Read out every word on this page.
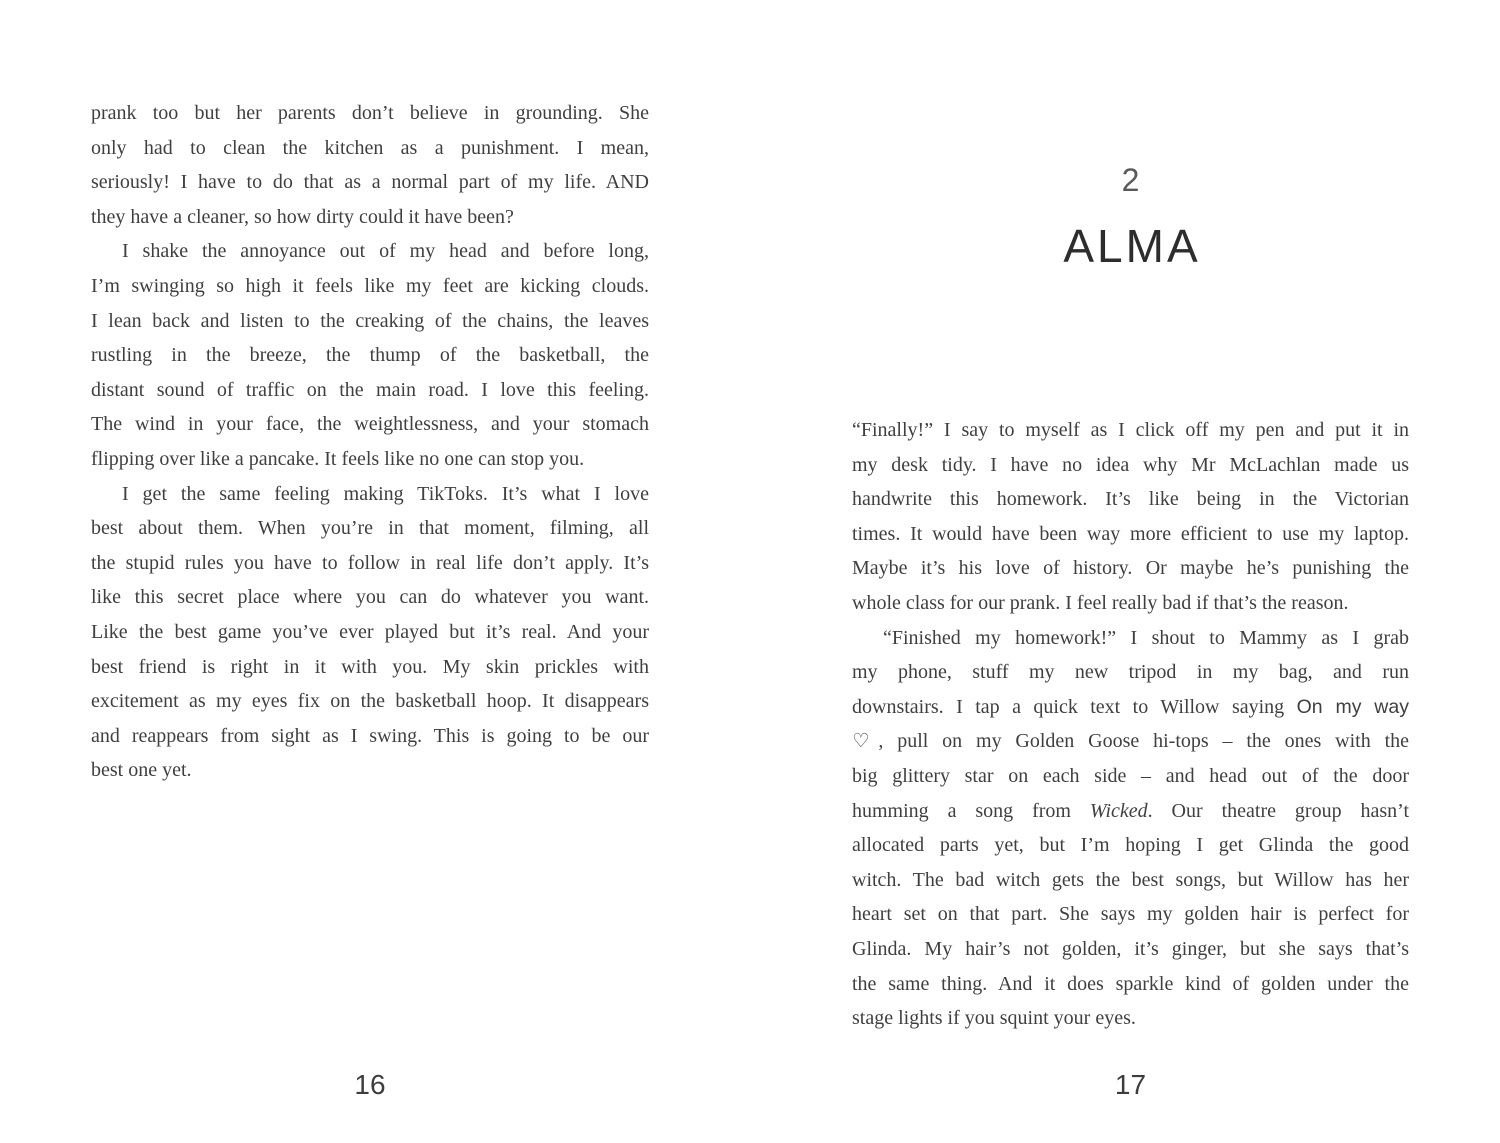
prank too but her parents don’t believe in grounding. She
only had to clean the kitchen as a punishment. I mean,
seriously! I have to do that as a normal part of my life. AND
they have a cleaner, so how dirty could it have been?
I shake the annoyance out of my head and before long,
I’m swinging so high it feels like my feet are kicking clouds.
I lean back and listen to the creaking of the chains, the leaves
rustling in the breeze, the thump of the basketball, the
distant sound of traffic on the main road. I love this feeling.
The wind in your face, the weightlessness, and your stomach
flipping over like a pancake. It feels like no one can stop you.
I get the same feeling making TikToks. It’s what I love
best about them. When you’re in that moment, filming, all
the stupid rules you have to follow in real life don’t apply. It’s
like this secret place where you can do whatever you want.
Like the best game you’ve ever played but it’s real. And your
best friend is right in it with you. My skin prickles with
excitement as my eyes fix on the basketball hoop. It disappears
and reappears from sight as I swing. This is going to be our
best one yet.
16
2
ALMA
“Finally!” I say to myself as I click off my pen and put it in
my desk tidy. I have no idea why Mr McLachlan made us
handwrite this homework. It’s like being in the Victorian
times. It would have been way more efficient to use my laptop.
Maybe it’s his love of history. Or maybe he’s punishing the
whole class for our prank. I feel really bad if that’s the reason.
“Finished my homework!” I shout to Mammy as I grab
my phone, stuff my new tripod in my bag, and run
downstairs. I tap a quick text to Willow saying On my way
♡, pull on my Golden Goose hi-tops – the ones with the
big glittery star on each side – and head out of the door
humming a song from Wicked. Our theatre group hasn’t
allocated parts yet, but I’m hoping I get Glinda the good
witch. The bad witch gets the best songs, but Willow has her
heart set on that part. She says my golden hair is perfect for
Glinda. My hair’s not golden, it’s ginger, but she says that’s
the same thing. And it does sparkle kind of golden under the
stage lights if you squint your eyes.
17
